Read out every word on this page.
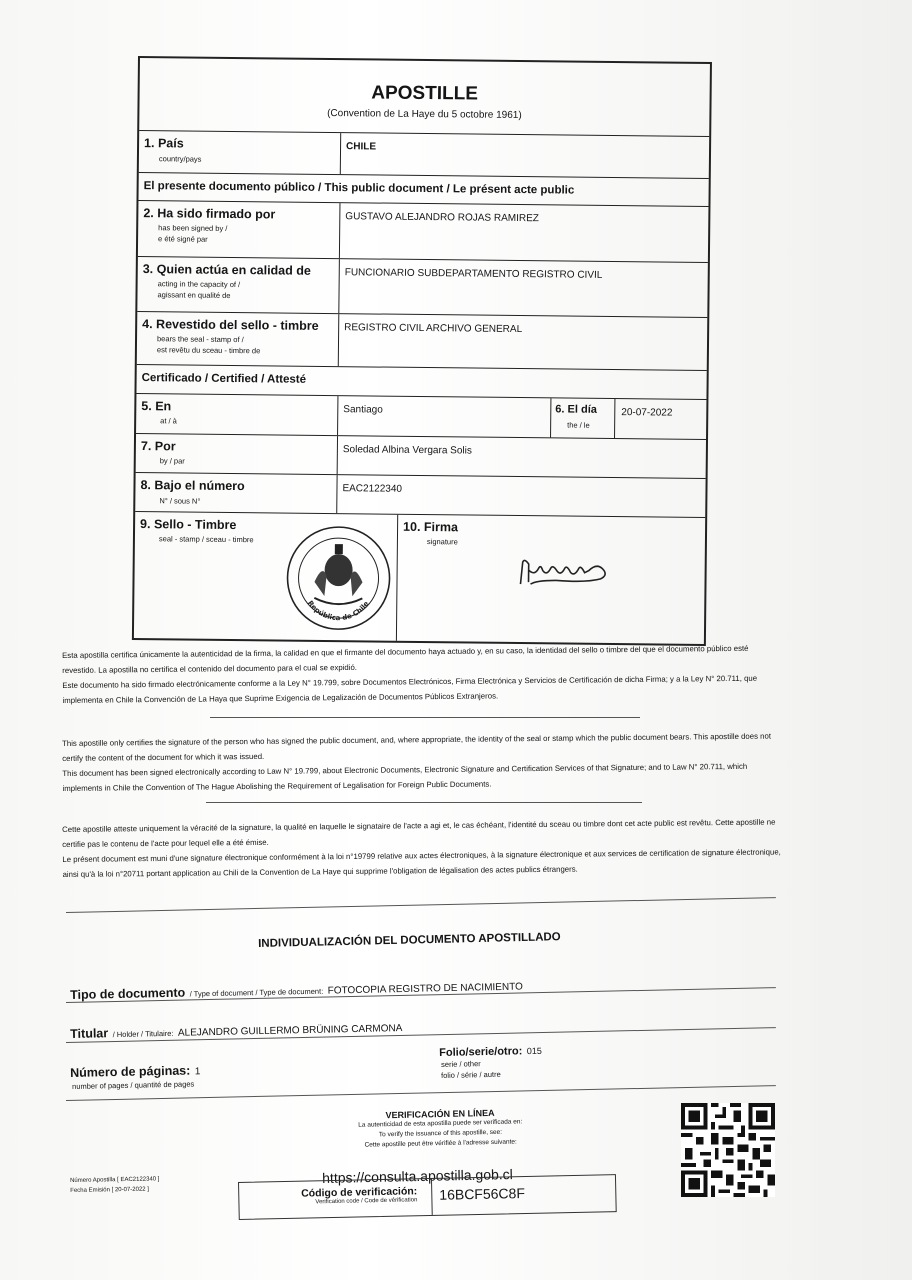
APOSTILLE
(Convention de La Haye du 5 octobre 1961)
1. País
country/pays
CHILE
El presente documento público / This public document / Le présent acte public
2. Ha sido firmado por
has been signed by /
e été signé par
GUSTAVO ALEJANDRO ROJAS RAMIREZ
3. Quien actúa en calidad de
acting in the capacity of /
agissant en qualité de
FUNCIONARIO SUBDEPARTAMENTO REGISTRO CIVIL
4. Revestido del sello - timbre
bears the seal - stamp of /
est revêtu du sceau - timbre de
REGISTRO CIVIL ARCHIVO GENERAL
Certificado / Certified / Attesté
5. En
at / à
Santiago	6. El día
the / le
20-07-2022
7. Por
by / par
Soledad Albina Vergara Solis
8. Bajo el número
N° / sous N°
EAC2122340
9. Sello - Timbre
seal - stamp / sceau - timbre
República de Chile
10. Firma
signature

Esta apostilla certifica únicamente la autenticidad de la firma, la calidad en que el firmante del documento haya actuado y, en su caso, la identidad del sello o timbre del que el documento público esté revestido. La apostilla no certifica el contenido del documento para el cual se expidió.

Este documento ha sido firmado electrónicamente conforme a la Ley N° 19.799, sobre Documentos Electrónicos, Firma Electrónica y Servicios de Certificación de dicha Firma; y a la Ley N° 20.711, que implementa en Chile la Convención de La Haya que Suprime Exigencia de Legalización de Documentos Públicos Extranjeros.

This apostille only certifies the signature of the person who has signed the public document, and, where appropriate, the identity of the seal or stamp which the public document bears. This apostille does not certify the content of the document for which it was issued.

This document has been signed electronically according to Law N° 19.799, about Electronic Documents, Electronic Signature and Certification Services of that Signature; and to Law N° 20.711, which implements in Chile the Convention of The Hague Abolishing the Requirement of Legalisation for Foreign Public Documents.

Cette apostille atteste uniquement la véracité de la signature, la qualité en laquelle le signataire de l'acte a agi et, le cas échéant, l'identité du sceau ou timbre dont cet acte public est revêtu. Cette apostille ne certifie pas le contenu de l'acte pour lequel elle a été émise.

Le présent document est muni d'une signature électronique conformément à la loi n°19799 relative aux actes électroniques, à la signature électronique et aux services de certification de signature électronique, ainsi qu'à la loi n°20711 portant application au Chili de la Convention de La Haye qui supprime l'obligation de légalisation des actes publics étrangers.

INDIVIDUALIZACIÓN DEL DOCUMENTO APOSTILLADO
Tipo de documento / Type of document / Type de document: FOTOCOPIA REGISTRO DE NACIMIENTO
Titular / Holder / Titulaire: ALEJANDRO GUILLERMO BRÜNING CARMONA
Número de páginas: 1
number of pages / quantité de pages
Folio/serie/otro: 015
serie / other
folio / série / autre
VERIFICACIÓN EN LÍNEA
La autenticidad de esta apostilla puede ser verificada en:
To verify the issuance of this apostille, see:
Cette apostille peut être vérifiée à l'adresse suivante:
https://consulta.apostilla.gob.cl
Código de verificación:
Verification code / Code de vérification 16BCF56C8F
Número Apostilla [ EAC2122340 ]
Fecha Emisión [ 20-07-2022 ]
